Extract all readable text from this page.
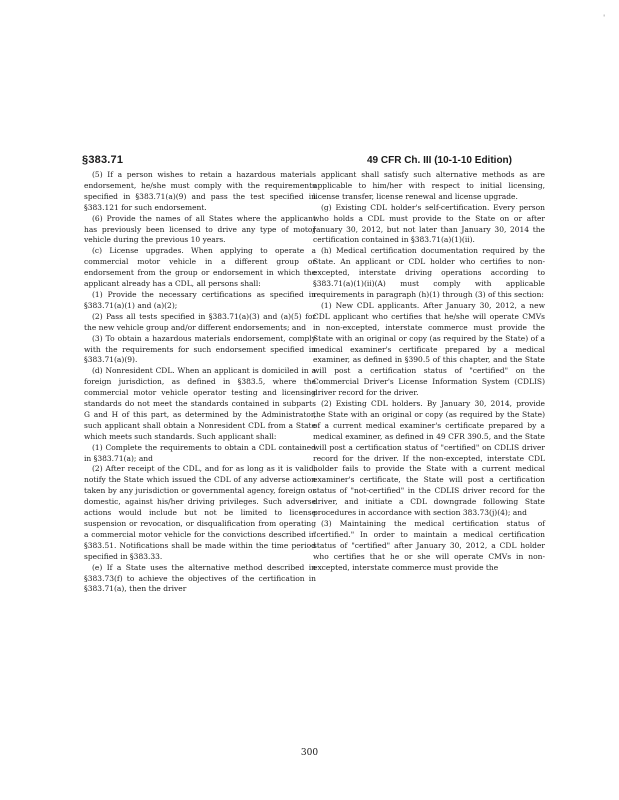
'
§383.71	49 CFR Ch. III (10-1-10 Edition)

(5) If a person wishes to retain a hazardous materials endorsement, he/she must comply with the requirements specified in §383.71(a)(9) and pass the test specified in §383.121 for such endorsement.

(6) Provide the names of all States where the applicant has previously been licensed to drive any type of motor vehicle during the previous 10 years.

(c) License upgrades. When applying to operate a commercial motor vehicle in a different group or endorsement from the group or endorsement in which the applicant already has a CDL, all persons shall:

(1) Provide the necessary certifications as specified in §383.71(a)(1) and (a)(2);

(2) Pass all tests specified in §383.71(a)(3) and (a)(5) for the new vehicle group and/or different endorsements; and

(3) To obtain a hazardous materials endorsement, comply with the requirements for such endorsement specified in §383.71(a)(9).

(d) Nonresident CDL. When an applicant is domiciled in a foreign jurisdiction, as defined in §383.5, where the commercial motor vehicle operator testing and licensing standards do not meet the standards contained in subparts G and H of this part, as determined by the Administrator, such applicant shall obtain a Nonresident CDL from a State which meets such standards. Such applicant shall:

(1) Complete the requirements to obtain a CDL contained in §383.71(a); and

(2) After receipt of the CDL, and for as long as it is valid, notify the State which issued the CDL of any adverse action taken by any jurisdiction or governmental agency, foreign or domestic, against his/her driving privileges. Such adverse actions would include but not be limited to license suspension or revocation, or disqualification from operating a commercial motor vehicle for the convictions described in §383.51. Notifications shall be made within the time period specified in §383.33.

(e) If a State uses the alternative method described in §383.73(f) to achieve the objectives of the certification in §383.71(a), then the driver

applicant shall satisfy such alternative methods as are applicable to him/her with respect to initial licensing, license transfer, license renewal and license upgrade.

(g) Existing CDL holder's self-certification. Every person who holds a CDL must provide to the State on or after January 30, 2012, but not later than January 30, 2014 the certification contained in §383.71(a)(1)(ii).

(h) Medical certification documentation required by the State. An applicant or CDL holder who certifies to non-excepted, interstate driving operations according to §383.71(a)(1)(ii)(A) must comply with applicable requirements in paragraph (h)(1) through (3) of this section:

(1) New CDL applicants. After January 30, 2012, a new CDL applicant who certifies that he/she will operate CMVs in non-excepted, interstate commerce must provide the State with an original or copy (as required by the State) of a medical examiner's certificate prepared by a medical examiner, as defined in §390.5 of this chapter, and the State will post a certification status of "certified" on the Commercial Driver's License Information System (CDLIS) driver record for the driver.

(2) Existing CDL holders. By January 30, 2014, provide the State with an original or copy (as required by the State) of a current medical examiner's certificate prepared by a medical examiner, as defined in 49 CFR 390.5, and the State will post a certification status of "certified" on CDLIS driver record for the driver. If the non-excepted, interstate CDL holder fails to provide the State with a current medical examiner's certificate, the State will post a certification status of "not-certified" in the CDLIS driver record for the driver, and initiate a CDL downgrade following State procedures in accordance with section 383.73(j)(4); and

(3) Maintaining the medical certification status of "certified." In order to maintain a medical certification status of "certified" after January 30, 2012, a CDL holder who certifies that he or she will operate CMVs in non-excepted, interstate commerce must provide the

300
